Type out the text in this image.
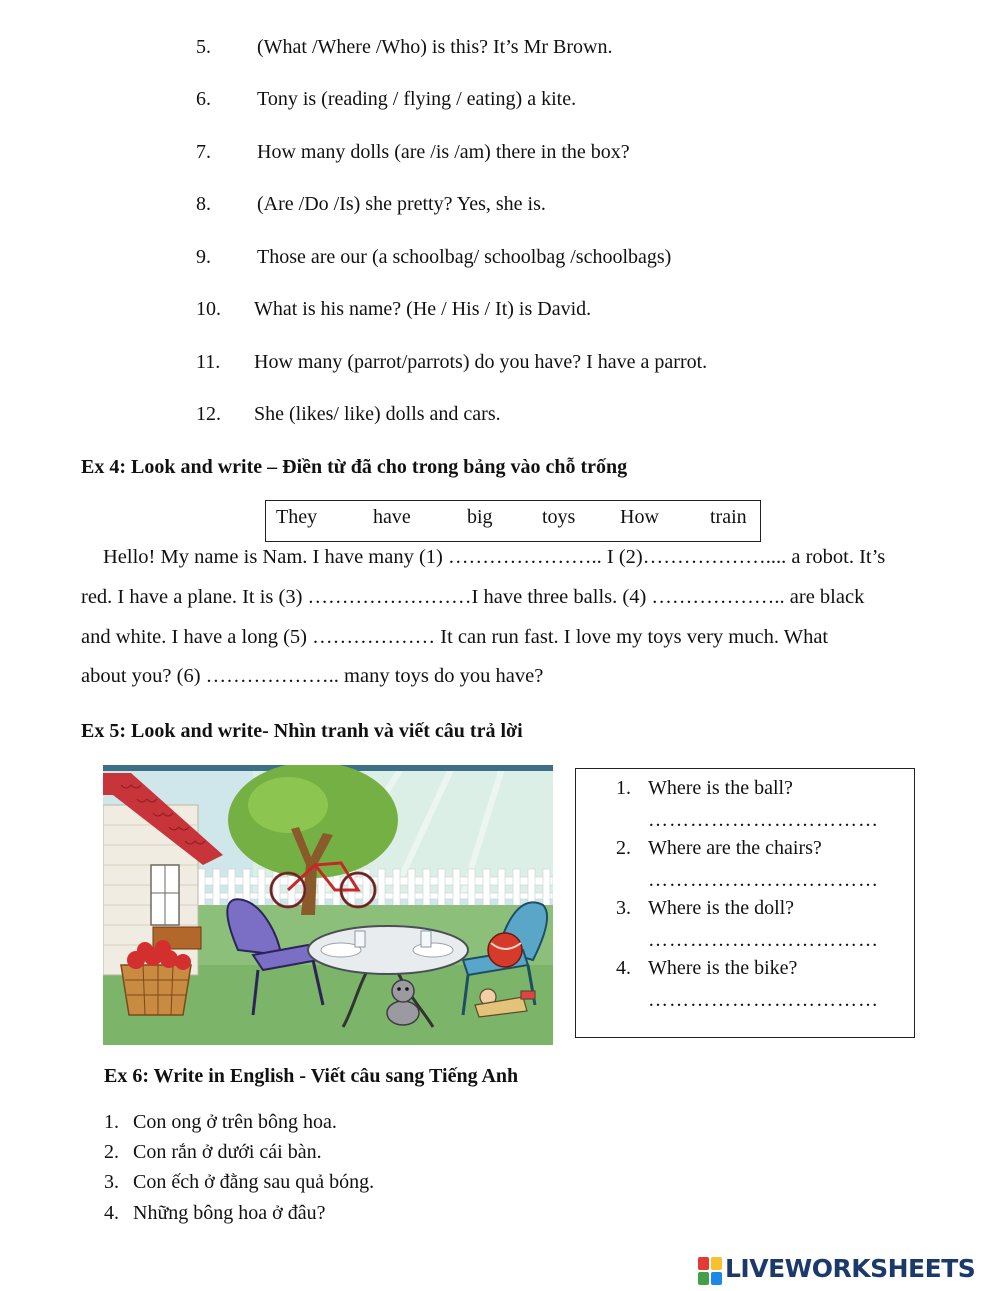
5. (What /Where /Who) is this? It’s Mr Brown.
6. Tony is (reading / flying / eating) a kite.
7. How many dolls (are /is /am) there in the box?
8. (Are /Do /Is) she pretty? Yes, she is.
9. Those are our (a schoolbag/ schoolbag /schoolbags)
10. What is his name? (He / His / It) is David.
11. How many (parrot/parrots) do you have? I have a parrot.
12. She (likes/ like) dolls and cars.
Ex 4: Look and write – Điền từ đã cho trong bảng vào chỗ trống
They	have	big toys How	train
Hello! My name is Nam. I have many (1) ………………….. I (2)……………….... a robot. It’s
red. I have a plane. It is (3) ……………………I have three balls. (4) ……………….. are black
and white. I have a long (5) ……………… It can run fast. I love my toys very much. What
about you? (6) ……………….. many toys do you have?
Ex 5: Look and write- Nhìn tranh và viết câu trả lời
1. Where is the ball?
……………………………
2. Where are the chairs?
……………………………
3. Where is the doll?
……………………………
4. Where is the bike?
……………………………
Ex 6: Write in English - Viết câu sang Tiếng Anh
1. Con ong ở trên bông hoa.
2. Con rắn ở dưới cái bàn.
3. Con ếch ở đằng sau quả bóng.
4. Những bông hoa ở đâu?
LIVEWORKSHEETS
